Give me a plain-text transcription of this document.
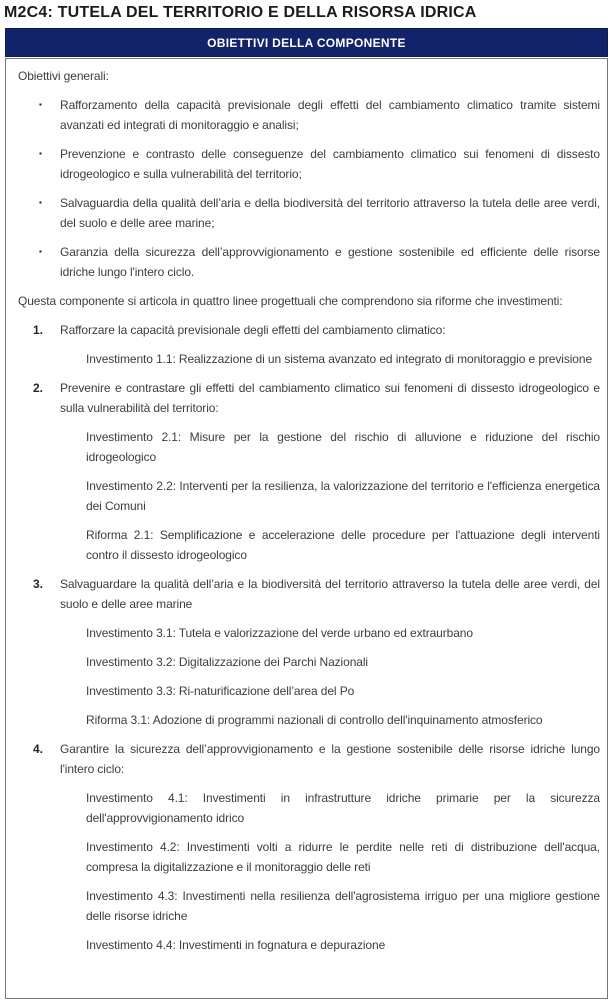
M2C4: TUTELA DEL TERRITORIO E DELLA RISORSA IDRICA
OBIETTIVI DELLA COMPONENTE

Obiettivi generali:

▪	Rafforzamento della capacità previsionale degli effetti del cambiamento climatico tramite sistemi avanzati ed integrati di monitoraggio e analisi;

▪	Prevenzione e contrasto delle conseguenze del cambiamento climatico sui fenomeni di dissesto idrogeologico e sulla vulnerabilità del territorio;

▪	Salvaguardia della qualità dell’aria e della biodiversità del territorio attraverso la tutela delle aree verdi, del suolo e delle aree marine;

▪	Garanzia della sicurezza dell’approvvigionamento e gestione sostenibile ed efficiente delle risorse idriche lungo l'intero ciclo.

Questa componente si articola in quattro linee progettuali che comprendono sia riforme che investimenti:

1.	Rafforzare la capacità previsionale degli effetti del cambiamento climatico:

Investimento 1.1: Realizzazione di un sistema avanzato ed integrato di monitoraggio e previsione

2.	Prevenire e contrastare gli effetti del cambiamento climatico sui fenomeni di dissesto idrogeologico e sulla vulnerabilità del territorio:

Investimento 2.1: Misure per la gestione del rischio di alluvione e riduzione del rischio idrogeologico

Investimento 2.2: Interventi per la resilienza, la valorizzazione del territorio e l'efficienza energetica dei Comuni

Riforma 2.1: Semplificazione e accelerazione delle procedure per l'attuazione degli interventi contro il dissesto idrogeologico

3.	Salvaguardare la qualità dell’aria e la biodiversità del territorio attraverso la tutela delle aree verdi, del suolo e delle aree marine

Investimento 3.1: Tutela e valorizzazione del verde urbano ed extraurbano

Investimento 3.2: Digitalizzazione dei Parchi Nazionali

Investimento 3.3: Ri-naturificazione dell’area del Po

Riforma 3.1: Adozione di programmi nazionali di controllo dell'inquinamento atmosferico

4.	Garantire la sicurezza dell’approvvigionamento e la gestione sostenibile delle risorse idriche lungo l'intero ciclo:

Investimento 4.1: Investimenti in infrastrutture idriche primarie per la sicurezza dell'approvvigionamento idrico

Investimento 4.2: Investimenti volti a ridurre le perdite nelle reti di distribuzione dell'acqua, compresa la digitalizzazione e il monitoraggio delle reti

Investimento 4.3: Investimenti nella resilienza dell'agrosistema irriguo per una migliore gestione delle risorse idriche

Investimento 4.4: Investimenti in fognatura e depurazione
